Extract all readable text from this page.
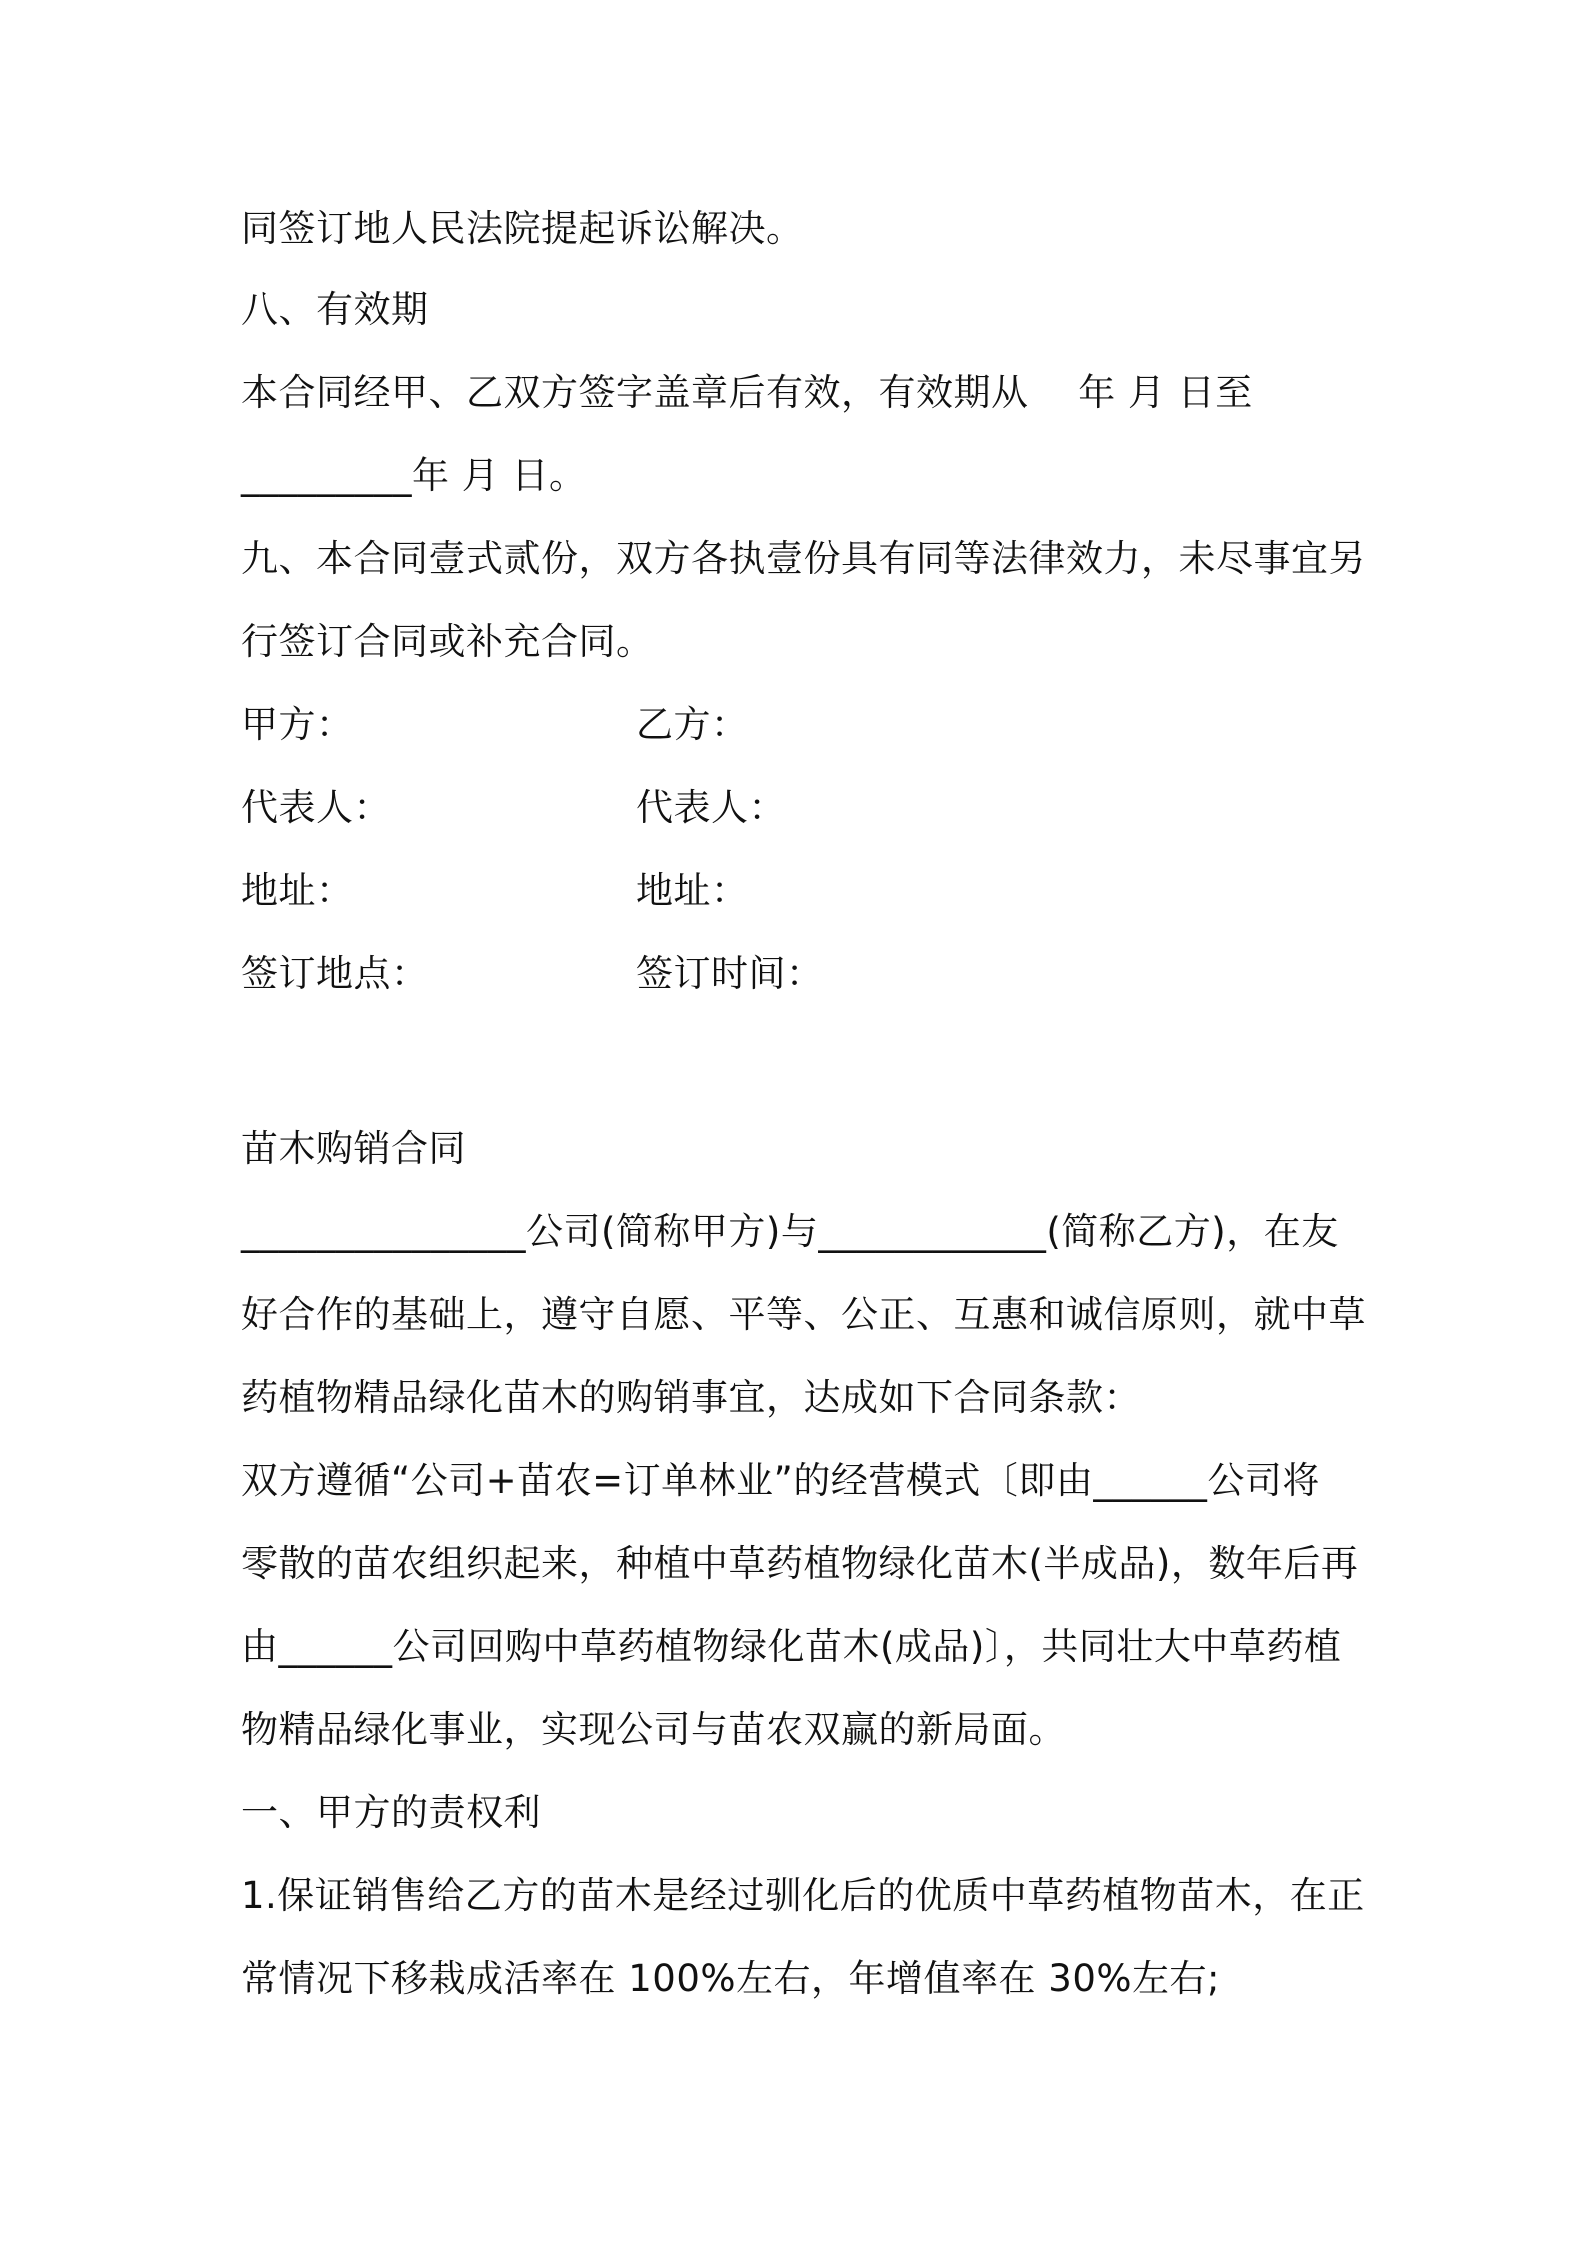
同签订地人民法院提起诉讼解决。
八、有效期
本合同经甲、乙双方签字盖章后有效，有效期从　 年 月 日至
_________年 月 日。
九、本合同壹式贰份，双方各执壹份具有同等法律效力，未尽事宜另
行签订合同或补充合同。
甲方：	乙方：
代表人：	代表人：
地址：	地址：
签订地点：	签订时间：
苗木购销合同
_______________公司(简称甲方)与____________(简称乙方)，在友
好合作的基础上，遵守自愿、平等、公正、互惠和诚信原则，就中草
药植物精品绿化苗木的购销事宜，达成如下合同条款：
双方遵循“公司+苗农=订单林业”的经营模式〔即由______公司将
零散的苗农组织起来，种植中草药植物绿化苗木(半成品)，数年后再
由______公司回购中草药植物绿化苗木(成品)〕，共同壮大中草药植
物精品绿化事业，实现公司与苗农双赢的新局面。
一、甲方的责权利
1.保证销售给乙方的苗木是经过驯化后的优质中草药植物苗木，在正
常情况下移栽成活率在 100%左右，年增值率在 30%左右;
